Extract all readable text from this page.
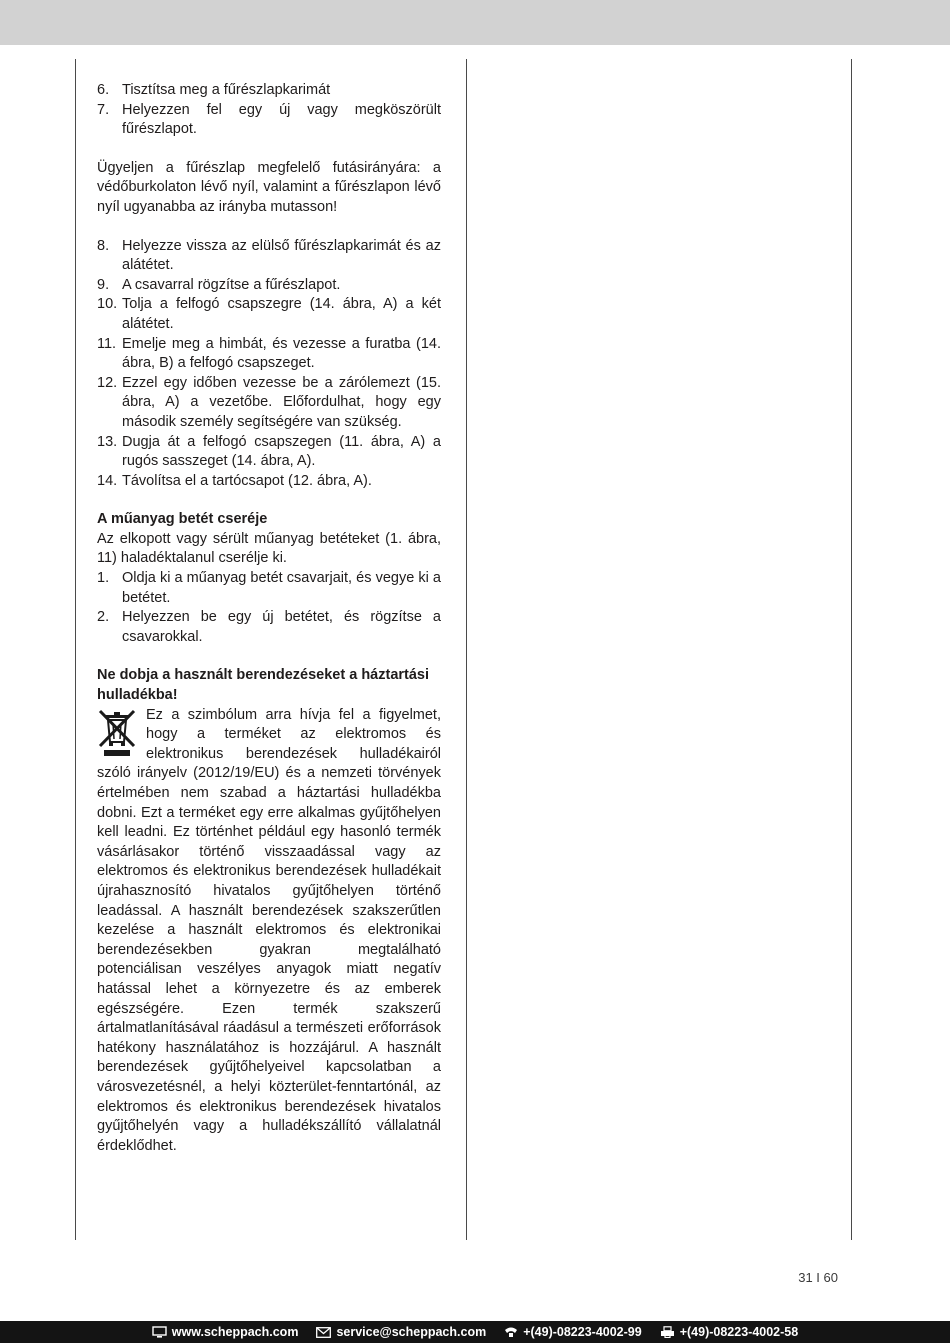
6. Tisztítsa meg a fűrészlapkarimát
7. Helyezzen fel egy új vagy megköszörült fűrészlapot.

Ügyeljen a fűrészlap megfelelő futásirányára: a védőburkolaton lévő nyíl, valamint a fűrészlapon lévő nyíl ugyanabba az irányba mutasson!

8. Helyezze vissza az elülső fűrészlapkarimát és az alátétet.
9. A csavarral rögzítse a fűrészlapot.
10. Tolja a felfogó csapszegre (14. ábra, A) a két alátétet.
11. Emelje meg a himbát, és vezesse a furatba (14. ábra, B) a felfogó csapszeget.
12. Ezzel egy időben vezesse be a zárólemezt (15. ábra, A) a vezetőbe. Előfordulhat, hogy egy második személy segítségére van szükség.
13. Dugja át a felfogó csapszegen (11. ábra, A) a rugós sasszeget (14. ábra, A).
14. Távolítsa el a tartócsapot (12. ábra, A).
A műanyag betét cseréje

Az elkopott vagy sérült műanyag betéteket (1. ábra, 11) haladéktalanul cserélje ki.

1. Oldja ki a műanyag betét csavarjait, és vegye ki a betétet.
2. Helyezzen be egy új betétet, és rögzítse a csavarokkal.
Ne dobja a használt berendezéseket a háztartási hulladékba!

Ez a szimbólum arra hívja fel a figyelmet, hogy a terméket az elektromos és elektronikus berendezések hulladékairól szóló irányelv (2012/19/EU) és a nemzeti törvények értelmében nem szabad a háztartási hulladékba dobni. Ezt a terméket egy erre alkalmas gyűjtőhelyen kell leadni. Ez történhet például egy hasonló termék vásárlásakor történő visszaadással vagy az elektromos és elektronikus berendezések hulladékait újrahasznosító hivatalos gyűjtőhelyen történő leadással. A használt berendezések szakszerűtlen kezelése a használt elektromos és elektronikai berendezésekben gyakran megtalálható potenciálisan veszélyes anyagok miatt negatív hatással lehet a környezetre és az emberek egészségére. Ezen termék szakszerű ártalmatlanításával ráadásul a természeti erőforrások hatékony használatához is hozzájárul. A használt berendezések gyűjtőhelyeivel kapcsolatban a városvezetésnél, a helyi közterület-fenntartónál, az elektromos és elektronikus berendezések hivatalos gyűjtőhelyén vagy a hulladékszállító vállalatnál érdeklődhet.

31 I 60
www.scheppach.com	service@scheppach.com	+(49)-08223-4002-99	+(49)-08223-4002-58
